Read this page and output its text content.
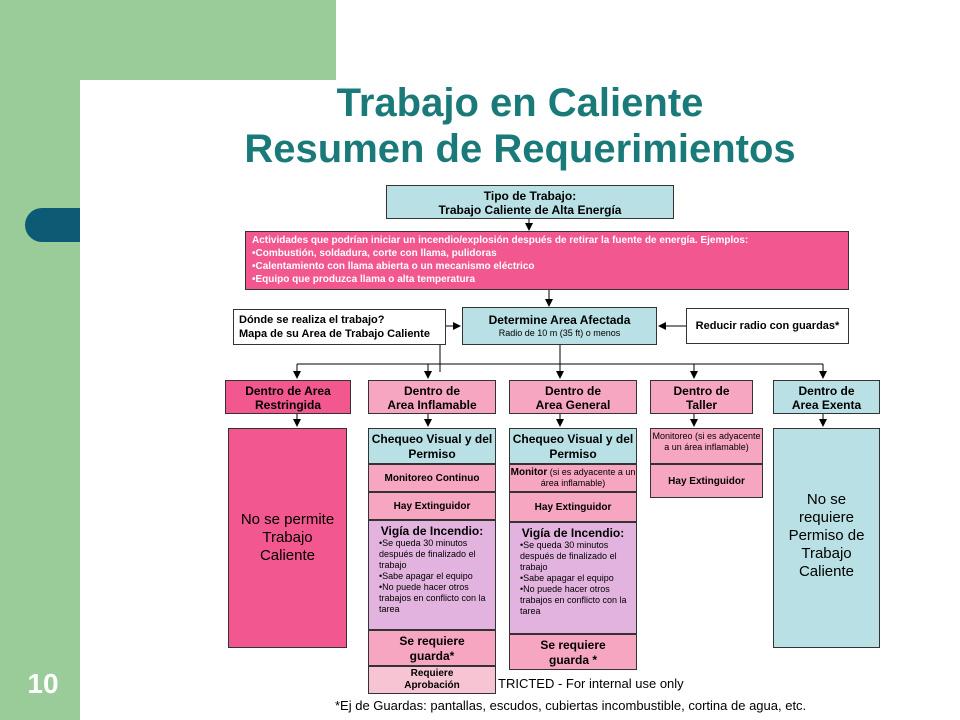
10
Trabajo en Caliente
Resumen de Requerimientos
Tipo de Trabajo:
Trabajo Caliente de Alta Energía
Actividades que podrían iniciar un incendio/explosión después de retirar la fuente de energía. Ejemplos:
•Combustión, soldadura, corte con llama, pulidoras
•Calentamiento con llama abierta o un mecanismo eléctrico
•Equipo que produzca llama o alta temperatura
Dónde se realiza el trabajo?
Mapa de su Area de Trabajo Caliente
Determine Area Afectada
Radio de 10 m (35 ft) o menos
Reducir radio con guardas*
Dentro de Area
Restringida
Dentro de
Area Inflamable
Dentro de
Area General
Dentro de
Taller
Dentro de
Area Exenta
No se permite Trabajo Caliente
Chequeo Visual y del Permiso
Monitoreo Continuo
Hay Extinguidor
Vigía de Incendio:
• Se queda 30 minutos después de finalizado el trabajo
• Sabe apagar el equipo
• No puede hacer otros trabajos en conflicto con la tarea
Se requiere guarda*
Requiere Aprobación
Chequeo Visual y del Permiso
Monitor (si es adyacente a un área inflamable)
Hay Extinguidor
Vigía de Incendio:
• Se queda 30 minutos después de finalizado el trabajo
• Sabe apagar el equipo
• No puede hacer otros trabajos en conflicto con la tarea
Se requiere guarda *
Monitoreo (si es adyacente a un área inflamable)
Hay Extinguidor
No se requiere Permiso de Trabajo Caliente
TRICTED - For internal use only
*Ej de Guardas: pantallas, escudos, cubiertas incombustible, cortina de agua, etc.
